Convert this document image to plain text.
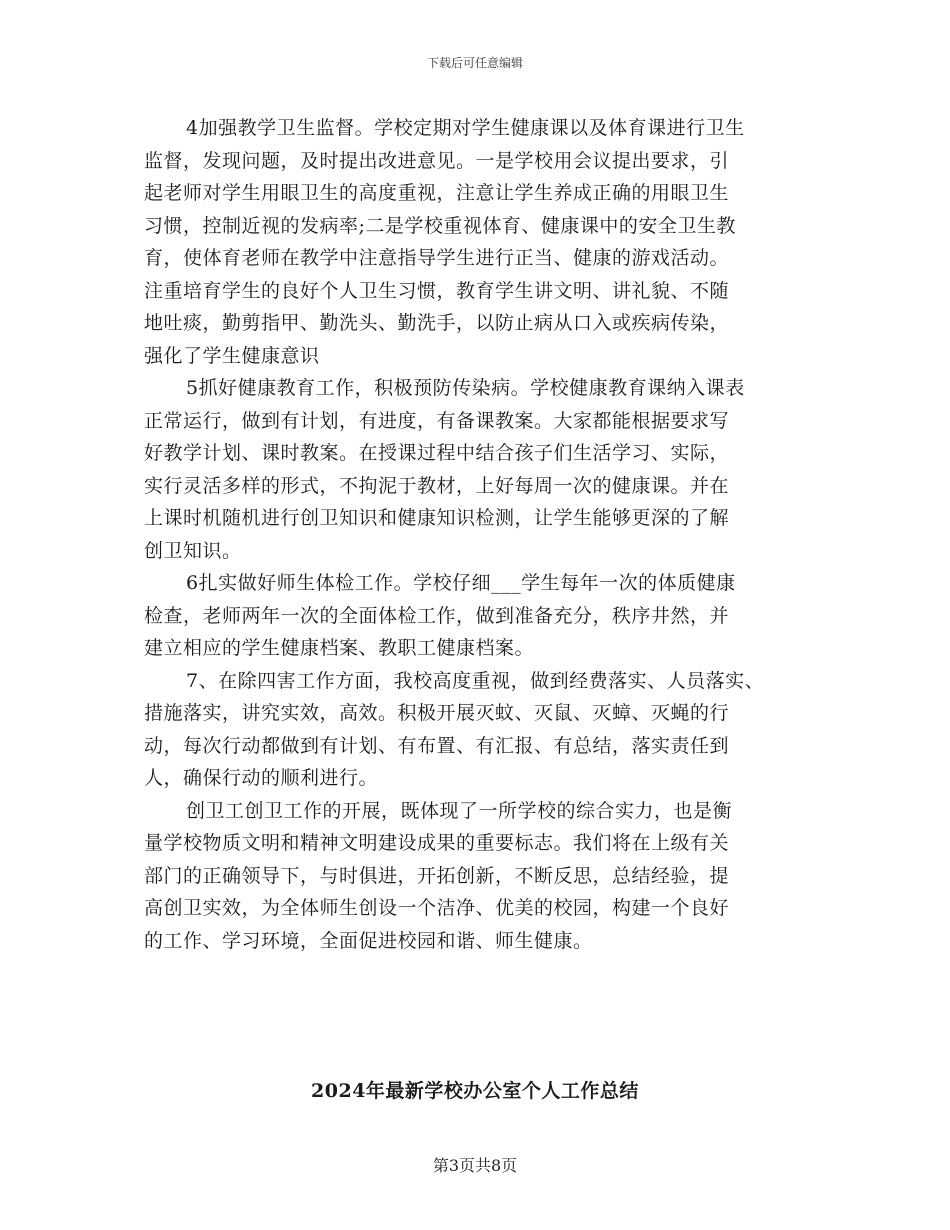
下载后可任意编辑
4加强教学卫生监督。学校定期对学生健康课以及体育课进行卫生
监督，发现问题，及时提出改进意见。一是学校用会议提出要求，引
起老师对学生用眼卫生的高度重视，注意让学生养成正确的用眼卫生
习惯，控制近视的发病率;二是学校重视体育、健康课中的安全卫生教
育，使体育老师在教学中注意指导学生进行正当、健康的游戏活动。
注重培育学生的良好个人卫生习惯，教育学生讲文明、讲礼貌、不随
地吐痰，勤剪指甲、勤洗头、勤洗手，以防止病从口入或疾病传染，
强化了学生健康意识
5抓好健康教育工作，积极预防传染病。学校健康教育课纳入课表
正常运行，做到有计划，有进度，有备课教案。大家都能根据要求写
好教学计划、课时教案。在授课过程中结合孩子们生活学习、实际，
实行灵活多样的形式，不拘泥于教材，上好每周一次的健康课。并在
上课时机随机进行创卫知识和健康知识检测，让学生能够更深的了解
创卫知识。
6扎实做好师生体检工作。学校仔细___学生每年一次的体质健康
检查，老师两年一次的全面体检工作，做到准备充分，秩序井然，并
建立相应的学生健康档案、教职工健康档案。
7、在除四害工作方面，我校高度重视，做到经费落实、人员落实、
措施落实，讲究实效，高效。积极开展灭蚊、灭鼠、灭蟑、灭蝇的行
动，每次行动都做到有计划、有布置、有汇报、有总结，落实责任到
人，确保行动的顺利进行。
创卫工创卫工作的开展，既体现了一所学校的综合实力，也是衡
量学校物质文明和精神文明建设成果的重要标志。我们将在上级有关
部门的正确领导下，与时俱进，开拓创新，不断反思，总结经验，提
高创卫实效，为全体师生创设一个洁净、优美的校园，构建一个良好
的工作、学习环境，全面促进校园和谐、师生健康。
2024年最新学校办公室个人工作总结
第3页共8页
